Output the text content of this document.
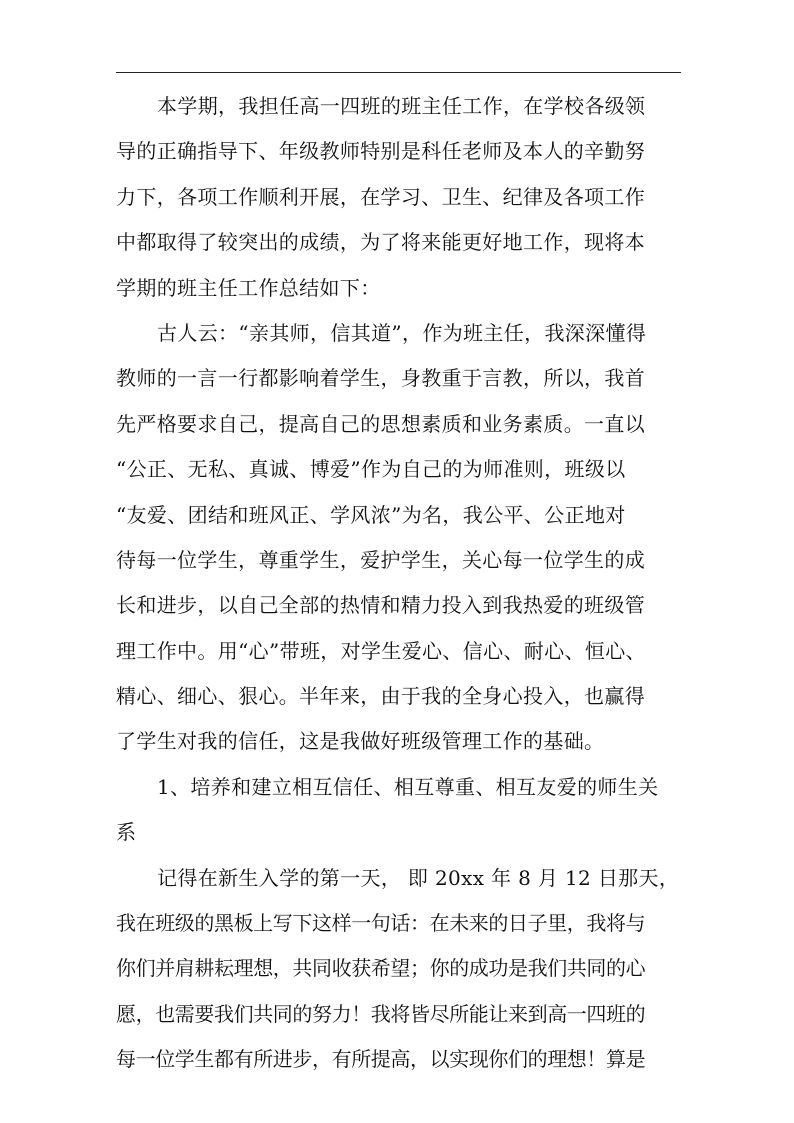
本学期，我担任高一四班的班主任工作，在学校各级领
导的正确指导下、年级教师特别是科任老师及本人的辛勤努
力下，各项工作顺利开展，在学习、卫生、纪律及各项工作
中都取得了较突出的成绩，为了将来能更好地工作，现将本
学期的班主任工作总结如下：
古人云：“亲其师，信其道”，作为班主任，我深深懂得
教师的一言一行都影响着学生，身教重于言教，所以，我首
先严格要求自己，提高自己的思想素质和业务素质。一直以
“公正、无私、真诚、博爱”作为自己的为师准则，班级以
“友爱、团结和班风正、学风浓”为名，我公平、公正地对
待每一位学生，尊重学生，爱护学生，关心每一位学生的成
长和进步，以自己全部的热情和精力投入到我热爱的班级管
理工作中。用“心”带班，对学生爱心、信心、耐心、恒心、
精心、细心、狠心。半年来，由于我的全身心投入，也赢得
了学生对我的信任，这是我做好班级管理工作的基础。
1、培养和建立相互信任、相互尊重、相互友爱的师生关
系
记得在新生入学的第一天， 即 20xx 年 8 月 12 日那天，
我在班级的黑板上写下这样一句话：在未来的日子里，我将与
你们并肩耕耘理想，共同收获希望；你的成功是我们共同的心
愿，也需要我们共同的努力！我将皆尽所能让来到高一四班的
每一位学生都有所进步，有所提高，以实现你们的理想！算是
